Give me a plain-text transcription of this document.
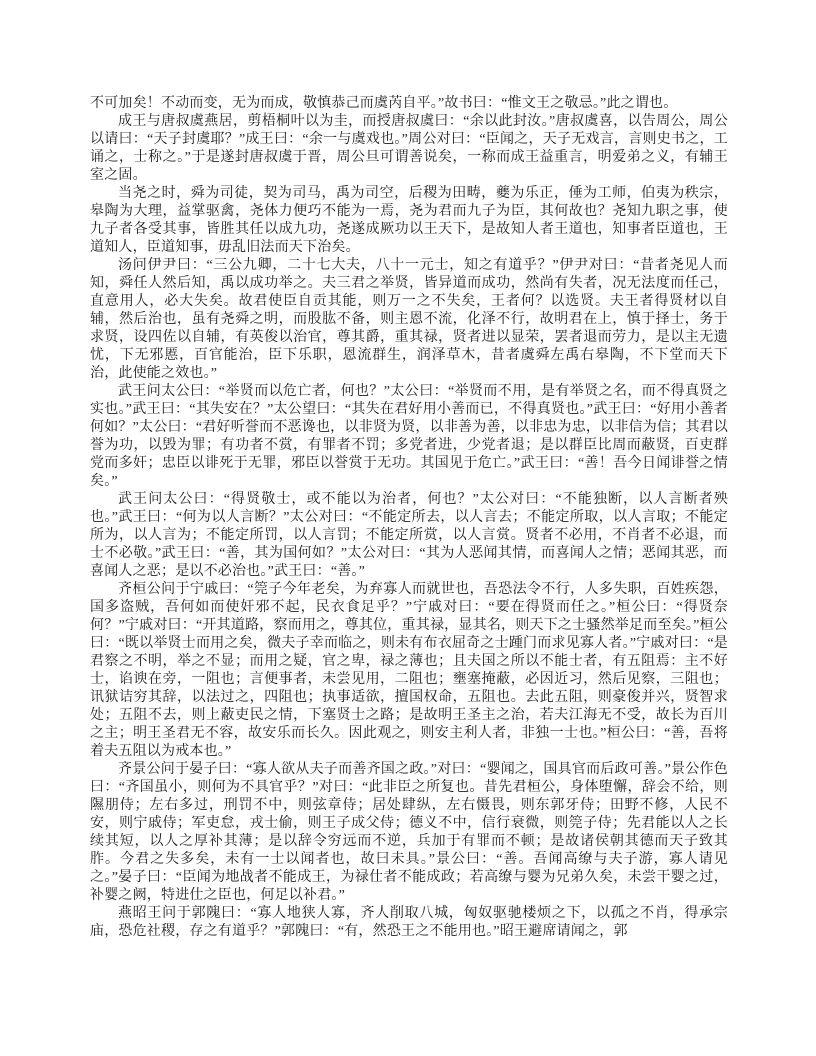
不可加矣！不动而变，无为而成，敬慎恭己而虞芮自平。”故书曰：“惟文王之敬忌。”此之谓也。

成王与唐叔虞燕居，剪梧桐叶以为圭，而授唐叔虞曰：“余以此封汝。”唐叔虞喜，以告周公，周公以请曰：“天子封虞耶？”成王曰：“余一与虞戏也。”周公对曰：“臣闻之，天子无戏言，言则史书之，工诵之，士称之。”于是遂封唐叔虞于晋，周公旦可谓善说矣，一称而成王益重言，明爱弟之义，有辅王室之固。

当尧之时，舜为司徒，契为司马，禹为司空，后稷为田畴，夔为乐正，倕为工师，伯夷为秩宗，皋陶为大理，益掌驱禽，尧体力便巧不能为一焉，尧为君而九子为臣，其何故也？尧知九职之事，使九子者各受其事，皆胜其任以成九功，尧遂成厥功以王天下，是故知人者王道也，知事者臣道也，王道知人，臣道知事，毋乱旧法而天下治矣。

汤问伊尹曰：“三公九卿，二十七大夫，八十一元士，知之有道乎？”伊尹对曰：“昔者尧见人而知，舜任人然后知，禹以成功举之。夫三君之举贤，皆异道而成功，然尚有失者，况无法度而任己，直意用人，必大失矣。故君使臣自贡其能，则万一之不失矣，王者何？以选贤。夫王者得贤材以自辅，然后治也，虽有尧舜之明，而股肱不备，则主恩不流，化泽不行，故明君在上，慎于择士，务于求贤，设四佐以自辅，有英俊以治官，尊其爵，重其禄，贤者进以显荣，罢者退而劳力，是以主无遗忧，下无邪慝，百官能治，臣下乐职，恩流群生，润泽草木，昔者虞舜左禹右皋陶，不下堂而天下治，此使能之效也。”

武王问太公曰：“举贤而以危亡者，何也？”太公曰：“举贤而不用，是有举贤之名，而不得真贤之实也。”武王曰：“其失安在？”太公望曰：“其失在君好用小善而已，不得真贤也。”武王曰：“好用小善者何如？”太公曰：“君好听誉而不恶谗也，以非贤为贤，以非善为善，以非忠为忠，以非信为信；其君以誉为功，以毁为罪；有功者不赏，有罪者不罚；多党者进，少党者退；是以群臣比周而蔽贤，百吏群党而多奸；忠臣以诽死于无罪，邪臣以誉赏于无功。其国见于危亡。”武王曰：“善！吾今日闻诽誉之情矣。”

武王问太公曰：“得贤敬士，或不能以为治者，何也？”太公对曰：“不能独断，以人言断者殃也。”武王曰：“何为以人言断？”太公对曰：“不能定所去，以人言去；不能定所取，以人言取；不能定所为，以人言为；不能定所罚，以人言罚；不能定所赏，以人言赏。贤者不必用，不肖者不必退，而士不必敬。”武王曰：“善，其为国何如？”太公对曰：“其为人恶闻其情，而喜闻人之情；恶闻其恶，而喜闻人之恶；是以不必治也。”武王曰：“善。”

齐桓公问于宁戚曰：“筦子今年老矣，为弃寡人而就世也，吾恐法令不行，人多失职，百姓疾怨，国多盗贼，吾何如而使奸邪不起，民衣食足乎？”宁戚对曰：“要在得贤而任之。”桓公曰：“得贤奈何？”宁戚对曰：“开其道路，察而用之，尊其位，重其禄，显其名，则天下之士骚然举足而至矣。”桓公曰：“既以举贤士而用之矣，微夫子幸而临之，则未有布衣屈奇之士踵门而求见寡人者。”宁戚对曰：“是君察之不明，举之不显；而用之疑，官之卑，禄之薄也；且夫国之所以不能士者，有五阻焉：主不好士，谄谀在旁，一阻也；言便事者，未尝见用，二阻也；壅塞掩蔽，必因近习，然后见察，三阻也；讯狱诘穷其辞，以法过之，四阻也；执事适欲，擅国权命，五阻也。去此五阻，则豪俊并兴，贤智求处；五阻不去，则上蔽吏民之情，下塞贤士之路；是故明王圣主之治，若夫江海无不受，故长为百川之主；明王圣君无不容，故安乐而长久。因此观之，则安主利人者，非独一士也。”桓公曰：“善，吾将着夫五阻以为戒本也。”

齐景公问于晏子曰：“寡人欲从夫子而善齐国之政。”对曰：“婴闻之，国具官而后政可善。”景公作色曰：“齐国虽小，则何为不具官乎？”对曰：“此非臣之所复也。昔先君桓公，身体堕懈，辞会不给，则隰朋侍；左右多过，刑罚不中，则弦章侍；居处肆纵，左右慑畏，则东郭牙侍；田野不修，人民不安，则宁戚侍；军吏怠，戎士偷，则王子成父侍；德义不中，信行衰微，则筦子侍；先君能以人之长续其短，以人之厚补其薄；是以辞令穷远而不逆，兵加于有罪而不顿；是故诸侯朝其德而天子致其胙。今君之失多矣，未有一士以闻者也，故曰未具。”景公曰：“善。吾闻高缭与夫子游，寡人请见之。”晏子曰：“臣闻为地战者不能成王，为禄仕者不能成政；若高缭与婴为兄弟久矣，未尝干婴之过，补婴之阙，特进仕之臣也，何足以补君。”

燕昭王问于郭隗曰：“寡人地狭人寡，齐人削取八城，匈奴驱驰楼烦之下，以孤之不肖，得承宗庙，恐危社稷，存之有道乎？”郭隗曰：“有，然恐王之不能用也。”昭王避席请闻之，郭
